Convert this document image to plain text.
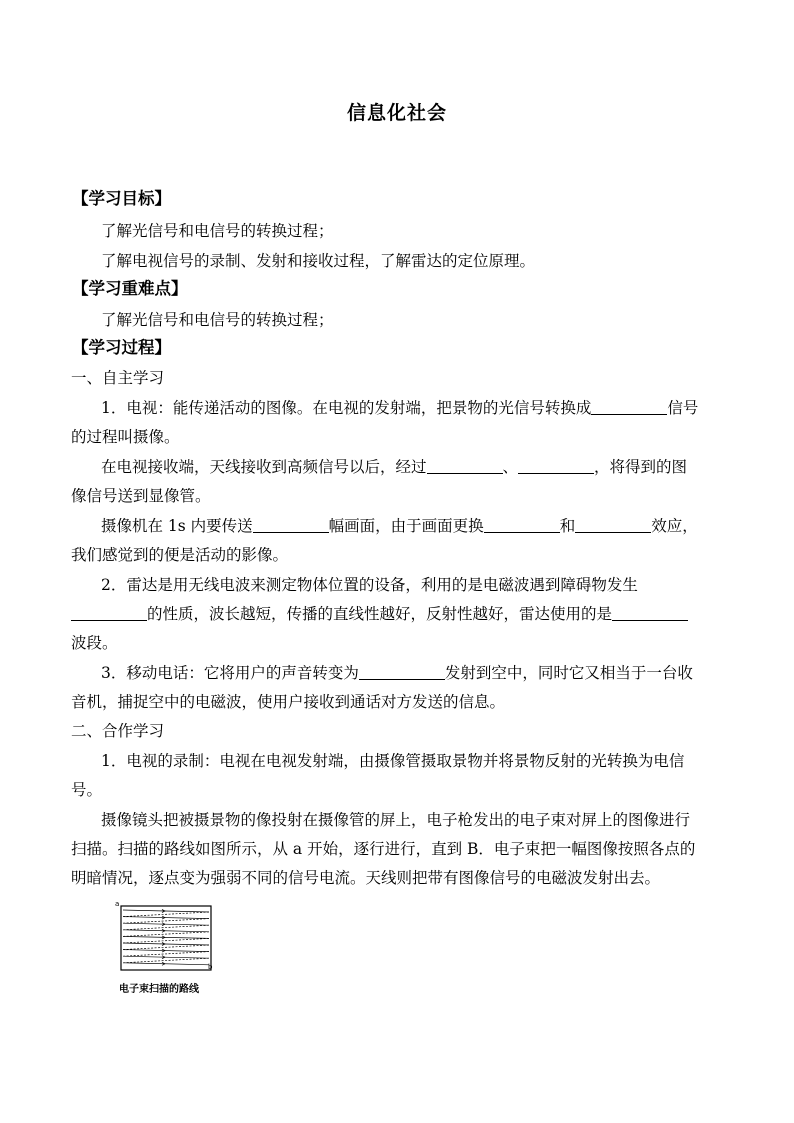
信息化社会
【学习目标】
了解光信号和电信号的转换过程；
了解电视信号的录制、发射和接收过程，了解雷达的定位原理。
【学习重难点】
了解光信号和电信号的转换过程；
【学习过程】
一、自主学习
1．电视：能传递活动的图像。在电视的发射端，把景物的光信号转换成	信号
的过程叫摄像。
在电视接收端，天线接收到高频信号以后，经过	、	，将得到的图
像信号送到显像管。
摄像机在 1s 内要传送	幅画面，由于画面更换	和	效应，
我们感觉到的便是活动的影像。
2．雷达是用无线电波来测定物体位置的设备，利用的是电磁波遇到障碍物发生
的性质，波长越短，传播的直线性越好，反射性越好，雷达使用的是
波段。
3．移动电话：它将用户的声音转变为	发射到空中，同时它又相当于一台收
音机，捕捉空中的电磁波，使用户接收到通话对方发送的信息。
二、合作学习
1．电视的录制：电视在电视发射端，由摄像管摄取景物并将景物反射的光转换为电信
号。
摄像镜头把被摄景物的像投射在摄像管的屏上，电子枪发出的电子束对屏上的图像进行
扫描。扫描的路线如图所示，从 a 开始，逐行进行，直到 B．电子束把一幅图像按照各点的
明暗情况，逐点变为强弱不同的信号电流。天线则把带有图像信号的电磁波发射出去。
a
b
电子束扫描的路线
